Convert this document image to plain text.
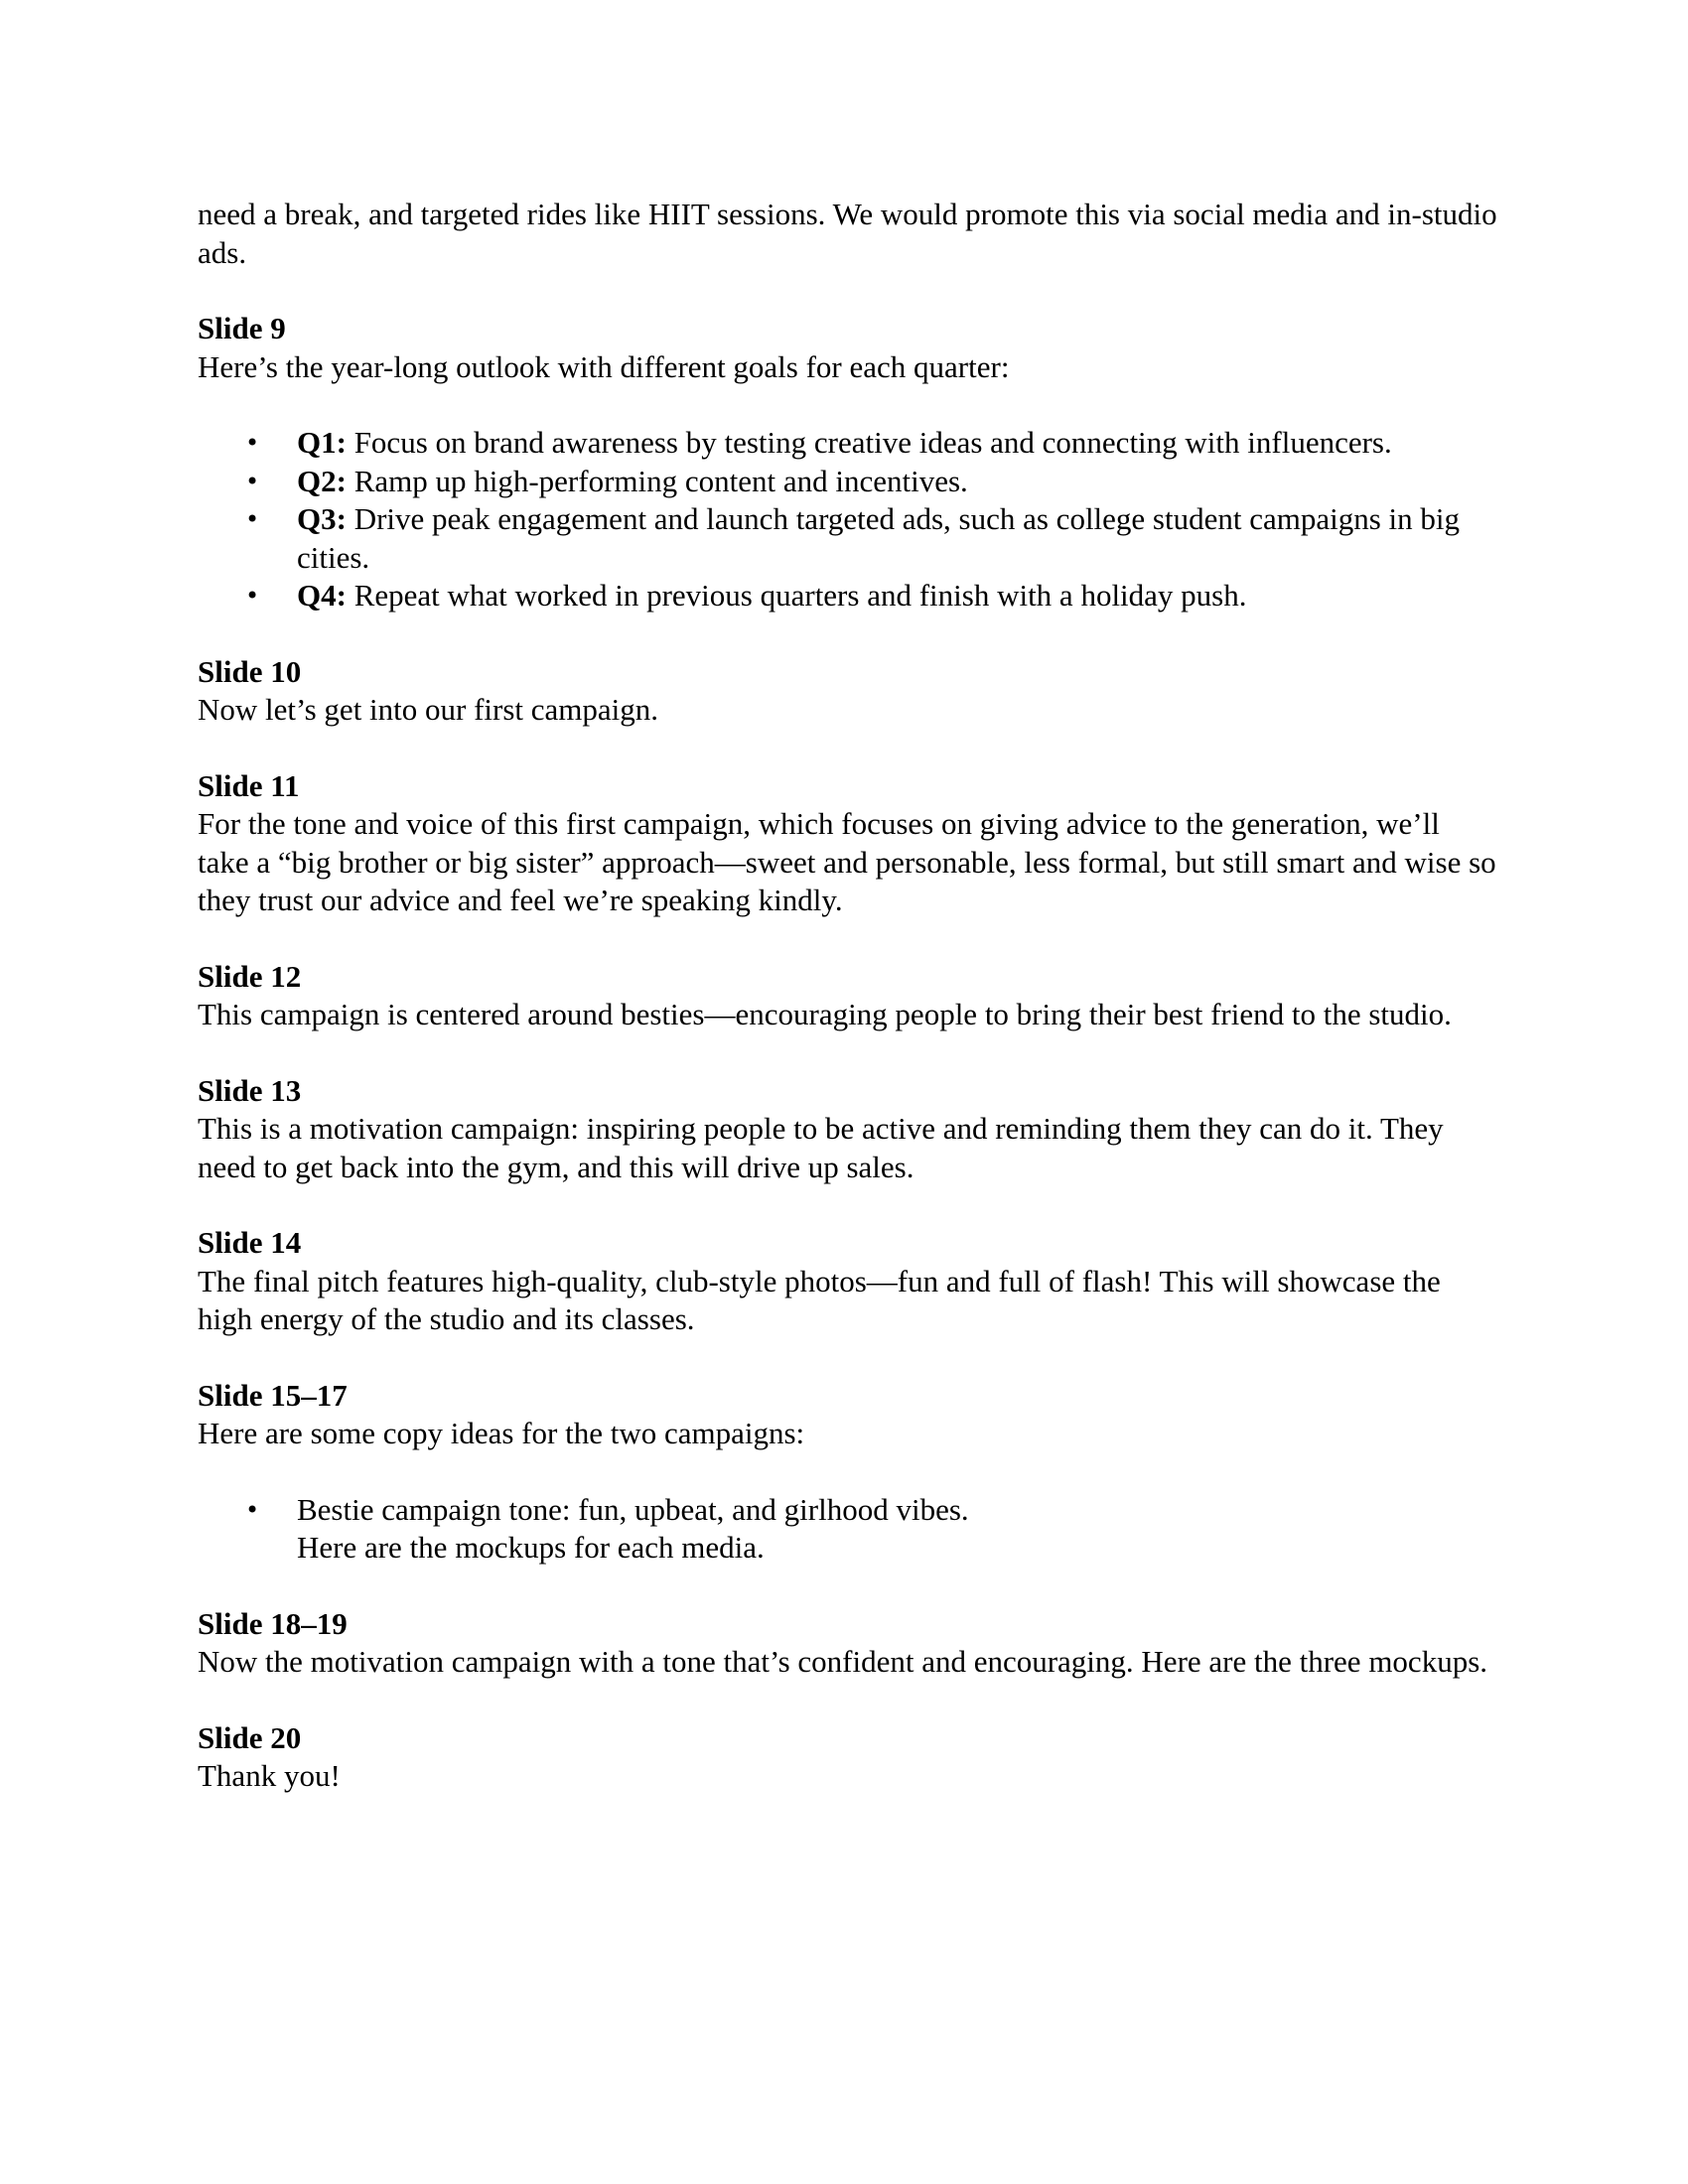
need a break, and targeted rides like HIIT sessions. We would promote this via social media and in-studio ads.

Slide 9

Here’s the year-long outlook with different goals for each quarter:

• Q1: Focus on brand awareness by testing creative ideas and connecting with influencers.
• Q2: Ramp up high-performing content and incentives.
• Q3: Drive peak engagement and launch targeted ads, such as college student campaigns in big cities.
• Q4: Repeat what worked in previous quarters and finish with a holiday push.

Slide 10

Now let’s get into our first campaign.

Slide 11

For the tone and voice of this first campaign, which focuses on giving advice to the generation, we’ll take a “big brother or big sister” approach—sweet and personable, less formal, but still smart and wise so they trust our advice and feel we’re speaking kindly.

Slide 12

This campaign is centered around besties—encouraging people to bring their best friend to the studio.

Slide 13

This is a motivation campaign: inspiring people to be active and reminding them they can do it. They need to get back into the gym, and this will drive up sales.

Slide 14

The final pitch features high-quality, club-style photos—fun and full of flash! This will showcase the high energy of the studio and its classes.

Slide 15–17

Here are some copy ideas for the two campaigns:

• Bestie campaign tone: fun, upbeat, and girlhood vibes.
Here are the mockups for each media.

Slide 18–19

Now the motivation campaign with a tone that’s confident and encouraging. Here are the three mockups.

Slide 20

Thank you!
